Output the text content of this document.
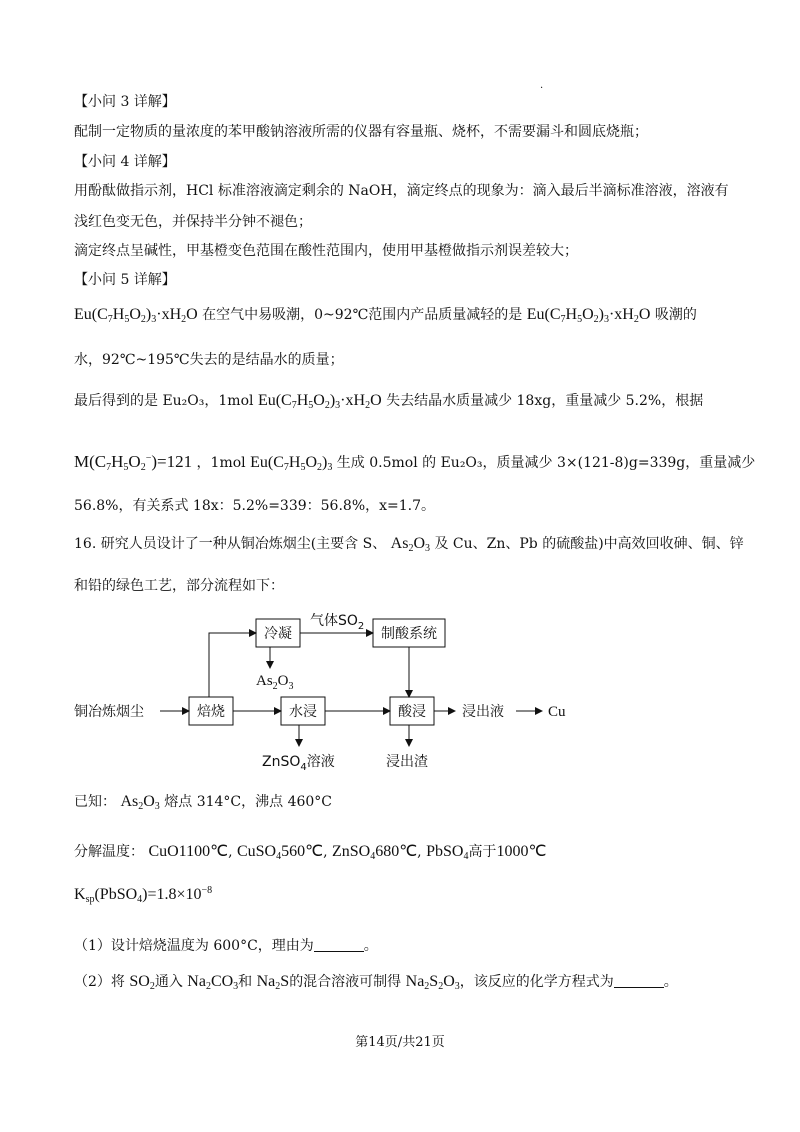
.
【小问 3 详解】
配制一定物质的量浓度的苯甲酸钠溶液所需的仪器有容量瓶、烧杯，不需要漏斗和圆底烧瓶；
【小问 4 详解】
用酚酞做指示剂，HCl 标准溶液滴定剩余的 NaOH，滴定终点的现象为：滴入最后半滴标准溶液，溶液有
浅红色变无色，并保持半分钟不褪色；
滴定终点呈碱性，甲基橙变色范围在酸性范围内，使用甲基橙做指示剂误差较大；
【小问 5 详解】
$Eu(C_7H_5O_2)_3\cdot xH_2O$ 在空气中易吸潮，0~92℃范围内产品质量减轻的是 $Eu(C_7H_5O_2)_3\cdot xH_2O$ 吸潮的
水，92℃~195℃失去的是结晶水的质量；
最后得到的是 Eu₂O₃，1mol $Eu(C_7H_5O_2)_3\cdot xH_2O$ 失去结晶水质量减少 18xg，重量减少 5.2%，根据
$M(C_7H_5O_2^-)=121$ ，1mol $Eu(C_7H_5O_2)_3$ 生成 0.5mol 的 Eu₂O₃，质量减少 3×(121-8)g=339g，重量减少
56.8%，有关系式 18x：5.2%=339：56.8%，x=1.7。
16. 研究人员设计了一种从铜冶炼烟尘(主要含 S、 $As_2O_3$ 及 Cu、Zn、Pb 的硫酸盐)中高效回收砷、铜、锌
和铅的绿色工艺，部分流程如下：
铜冶炼烟尘	焙烧
冷凝
气体$SO_2$ 制酸系统
$As_2O_3$
水浸	酸浸
ZnSO$_4$溶液	浸出渣
浸出液	Cu
已知： $As_2O_3$ 熔点 314°C，沸点 460°C
分解温度： CuO1100℃, CuSO$_4$560℃, ZnSO$_4$680℃, PbSO$_4$高于1000℃
$K_{sp}(PbSO_4)=1.8\times 10^{-8}$
（1）设计焙烧温度为 600°C，理由为	。
（2）将 $SO_2$通入 $Na_2CO_3$和 $Na_2S$的混合溶液可制得 $Na_2S_2O_3$，该反应的化学方程式为	。
第14页/共21页
